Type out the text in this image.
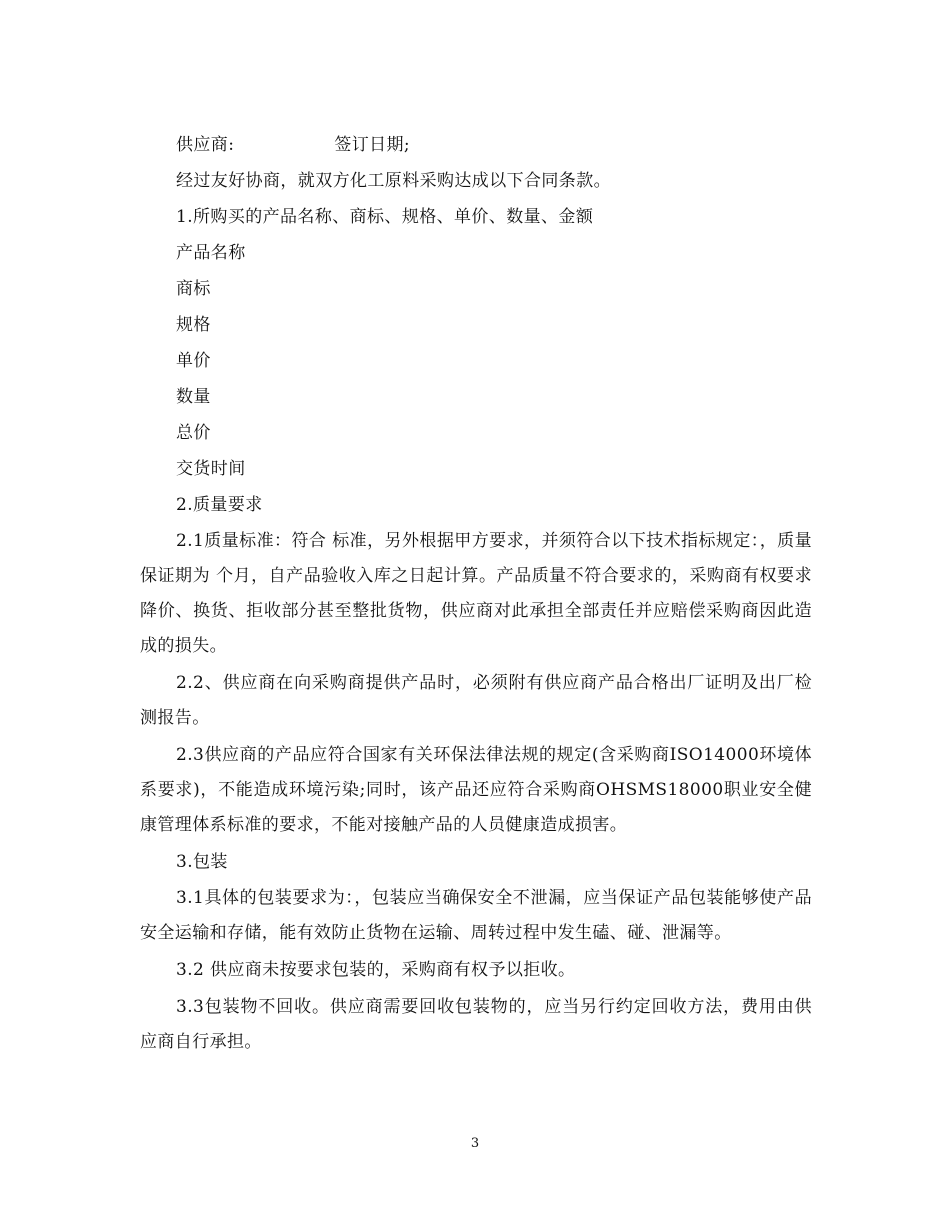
供应商:	签订日期;
经过友好协商，就双方化工原料采购达成以下合同条款。
1.所购买的产品名称、商标、规格、单价、数量、金额
产品名称
商标
规格
单价
数量
总价
交货时间
2.质量要求
2.1质量标准：符合 标准，另外根据甲方要求，并须符合以下技术指标规定：，质量保证期为 个月，自产品验收入库之日起计算。产品质量不符合要求的，采购商有权要求降价、换货、拒收部分甚至整批货物，供应商对此承担全部责任并应赔偿采购商因此造成的损失。
2.2、供应商在向采购商提供产品时，必须附有供应商产品合格出厂证明及出厂检测报告。
2.3供应商的产品应符合国家有关环保法律法规的规定(含采购商ISO14000环境体系要求)，不能造成环境污染;同时，该产品还应符合采购商OHSMS18000职业安全健康管理体系标准的要求，不能对接触产品的人员健康造成损害。
3.包装
3.1具体的包装要求为：，包装应当确保安全不泄漏，应当保证产品包装能够使产品安全运输和存储，能有效防止货物在运输、周转过程中发生磕、碰、泄漏等。
3.2 供应商未按要求包装的，采购商有权予以拒收。
3.3包装物不回收。供应商需要回收包装物的，应当另行约定回收方法，费用由供应商自行承担。
3
